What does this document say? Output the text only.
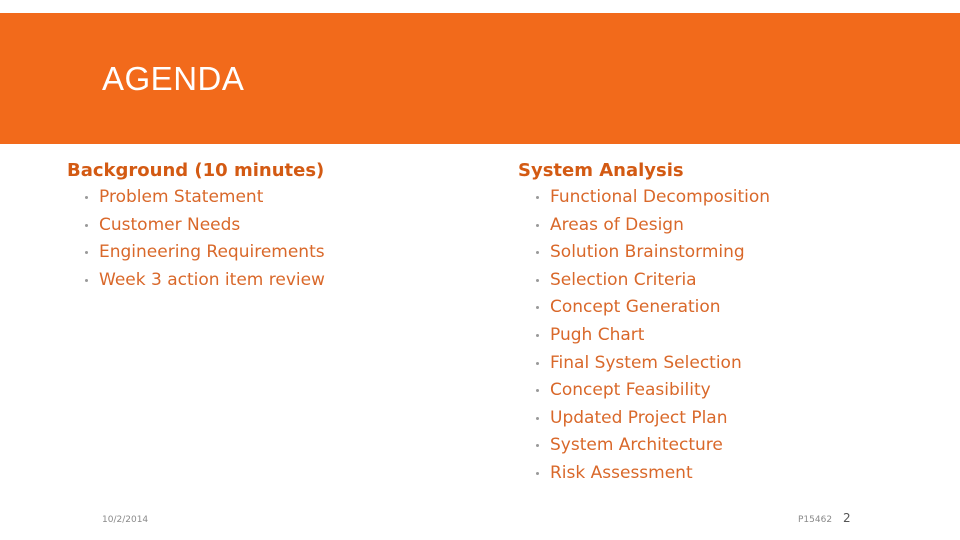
AGENDA
Background (10 minutes)
Problem Statement
Customer Needs
Engineering Requirements
Week 3 action item review
System Analysis
Functional Decomposition
Areas of Design
Solution Brainstorming
Selection Criteria
Concept Generation
Pugh Chart
Final System Selection
Concept Feasibility
Updated Project Plan
System Architecture
Risk Assessment
10/2/2014	P15462 2
